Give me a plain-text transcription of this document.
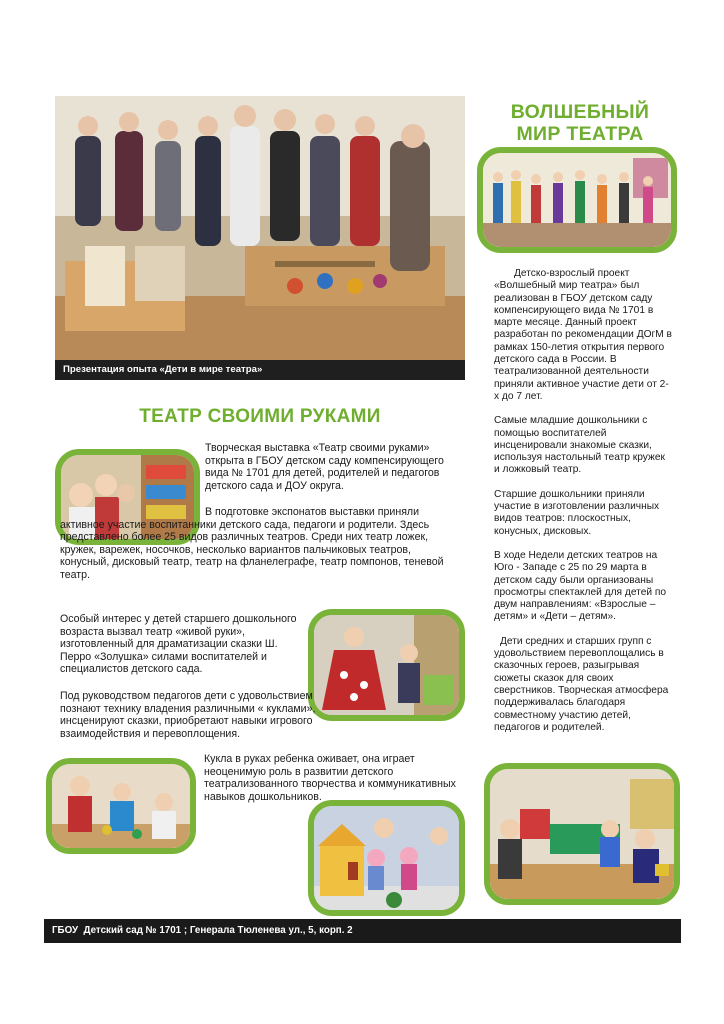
Презентация опыта «Дети в мире театра»
ВОЛШЕБНЫЙ
МИР ТЕАТРА

Детско-взрослый проект «Волшебный мир театра» был реализован в ГБОУ детском саду компенсирующего вида № 1701 в марте месяце. Данный проект разработан по рекомендации ДОгМ в рамках 150-летия открытия первого детского сада в России. В театрализованной деятельности приняли активное участие дети от 2-х до 7 лет.

Самые младшие дошкольники с помощью воспитателей инсценировали знакомые сказки, используя настольный театр кружек и ложковый театр.

Старшие дошкольники приняли участие в изготовлении различных видов театров: плоскостных, конусных, дисковых.

В ходе Недели детских театров на Юго - Западе с 25 по 29 марта в детском саду были организованы просмотры спектаклей для детей по двум направлениям: «Взрослые – детям» и «Дети – детям».

Дети средних и старших групп с удовольствием перевоплощались в сказочных героев, разыгрывая сюжеты сказок для своих сверстников. Творческая атмосфера поддерживалась благодаря совместному участию детей, педагогов и родителей.

ТЕАТР СВОИМИ РУКАМИ
Творческая выставка «Театр своими руками» открыта в ГБОУ детском саду компенсирующего вида № 1701 для детей, родителей и педагогов детского сада и ДОУ округа.
В подготовке экспонатов выставки приняли активное участие воспитанники детского сада, педагоги и родители. Здесь представлено более 25 видов различных театров. Среди них театр ложек, кружек, варежек, носочков, несколько вариантов пальчиковых театров, конусный, дисковый театр, театр на фланелеграфе, театр помпонов, теневой театр.
Особый интерес у детей старшего дошкольного возраста вызвал театр «живой руки», изготовленный для драматизации сказки Ш. Перро «Золушка» силами воспитателей и специалистов детского сада.
Под руководством педагогов дети с удовольствием познают технику владения различными « куклами», инсценируют сказки, приобретают навыки игрового взаимодействия и перевоплощения.
Кукла в руках ребенка оживает, она играет неоценимую роль в развитии детского театрализованного творчества и коммуникативных навыков дошкольников.
ГБОУ  Детский сад № 1701 ; Генерала Тюленева ул., 5, корп. 2
